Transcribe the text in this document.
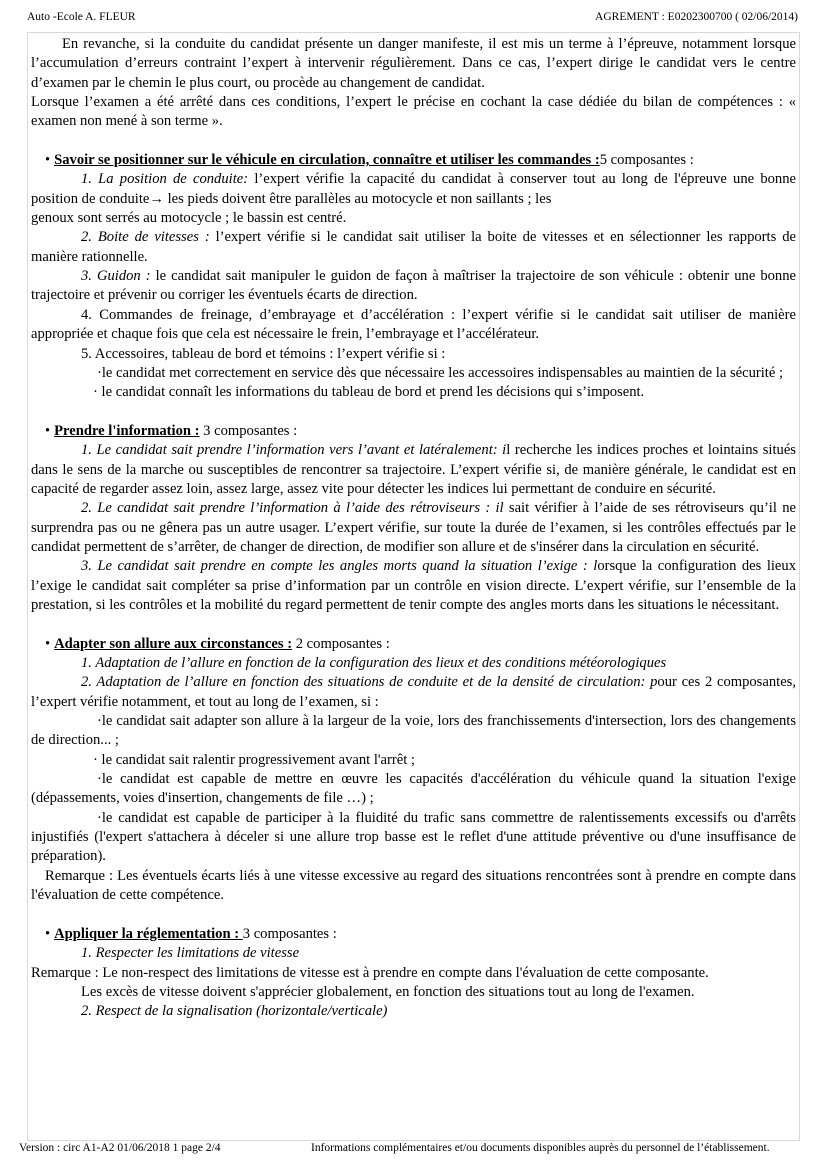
Auto -Ecole A. FLEUR	AGREMENT : E0202300700 ( 02/06/2014)

En revanche, si la conduite du candidat présente un danger manifeste, il est mis un terme à l’épreuve, notamment lorsque l’accumulation d’erreurs contraint l’expert à intervenir régulièrement. Dans ce cas, l’expert dirige le candidat vers le centre d’examen par le chemin le plus court, ou procède au changement de candidat.

Lorsque l’examen a été arrêté dans ces conditions, l’expert le précise en cochant la case dédiée du bilan de compétences : « examen non mené à son terme ».

• Savoir se positionner sur le véhicule en circulation, connaître et utiliser les commandes :5 composantes :

1. La position de conduite: l’expert vérifie la capacité du candidat à conserver tout au long de l'épreuve une bonne position de conduite→ les pieds doivent être parallèles au motocycle et non saillants ; les

genoux sont serrés au motocycle ; le bassin est centré.

2. Boite de vitesses : l’expert vérifie si le candidat sait utiliser la boite de vitesses et en sélectionner les rapports de manière rationnelle.

3. Guidon : le candidat sait manipuler le guidon de façon à maîtriser la trajectoire de son véhicule : obtenir une bonne trajectoire et prévenir ou corriger les éventuels écarts de direction.

4. Commandes de freinage, d’embrayage et d’accélération : l’expert vérifie si le candidat sait utiliser de manière appropriée et chaque fois que cela est nécessaire le frein, l’embrayage et l’accélérateur.

5. Accessoires, tableau de bord et témoins : l’expert vérifie si :

·le candidat met correctement en service dès que nécessaire les accessoires indispensables au maintien de la sécurité ;

· le candidat connaît les informations du tableau de bord et prend les décisions qui s’imposent.

• Prendre l'information : 3 composantes :

1. Le candidat sait prendre l’information vers l’avant et latéralement: il recherche les indices proches et lointains situés dans le sens de la marche ou susceptibles de rencontrer sa trajectoire. L’expert vérifie si, de manière générale, le candidat est en capacité de regarder assez loin, assez large, assez vite pour détecter les indices lui permettant de conduire en sécurité.

2. Le candidat sait prendre l’information à l’aide des rétroviseurs : il sait vérifier à l’aide de ses rétroviseurs qu’il ne surprendra pas ou ne gênera pas un autre usager. L’expert vérifie, sur toute la durée de l’examen, si les contrôles effectués par le candidat permettent de s’arrêter, de changer de direction, de modifier son allure et de s'insérer dans la circulation en sécurité.

3. Le candidat sait prendre en compte les angles morts quand la situation l’exige : lorsque la configuration des lieux l’exige le candidat sait compléter sa prise d’information par un contrôle en vision directe. L’expert vérifie, sur l’ensemble de la prestation, si les contrôles et la mobilité du regard permettent de tenir compte des angles morts dans les situations le nécessitant.

• Adapter son allure aux circonstances : 2 composantes :

1. Adaptation de l’allure en fonction de la configuration des lieux et des conditions météorologiques

2. Adaptation de l’allure en fonction des situations de conduite et de la densité de circulation: pour ces 2 composantes, l’expert vérifie notamment, et tout au long de l’examen, si :

·le candidat sait adapter son allure à la largeur de la voie, lors des franchissements d'intersection, lors des changements de direction... ;

· le candidat sait ralentir progressivement avant l'arrêt ;

·le candidat est capable de mettre en œuvre les capacités d'accélération du véhicule quand la situation l'exige (dépassements, voies d'insertion, changements de file …) ;

·le candidat est capable de participer à la fluidité du trafic sans commettre de ralentissements excessifs ou d'arrêts injustifiés (l'expert s'attachera à déceler si une allure trop basse est le reflet d'une attitude préventive ou d'une insuffisance de préparation).

Remarque : Les éventuels écarts liés à une vitesse excessive au regard des situations rencontrées sont à prendre en compte dans l'évaluation de cette compétence.

• Appliquer la réglementation : 3 composantes :

1. Respecter les limitations de vitesse

Remarque : Le non-respect des limitations de vitesse est à prendre en compte dans l'évaluation de cette composante.

Les excès de vitesse doivent s'apprécier globalement, en fonction des situations tout au long de l'examen.

2. Respect de la signalisation (horizontale/verticale)

Version : circ A1-A2 01/06/2018 1 page 2/4	Informations complémentaires et/ou documents disponibles auprès du personnel de l’établissement.
